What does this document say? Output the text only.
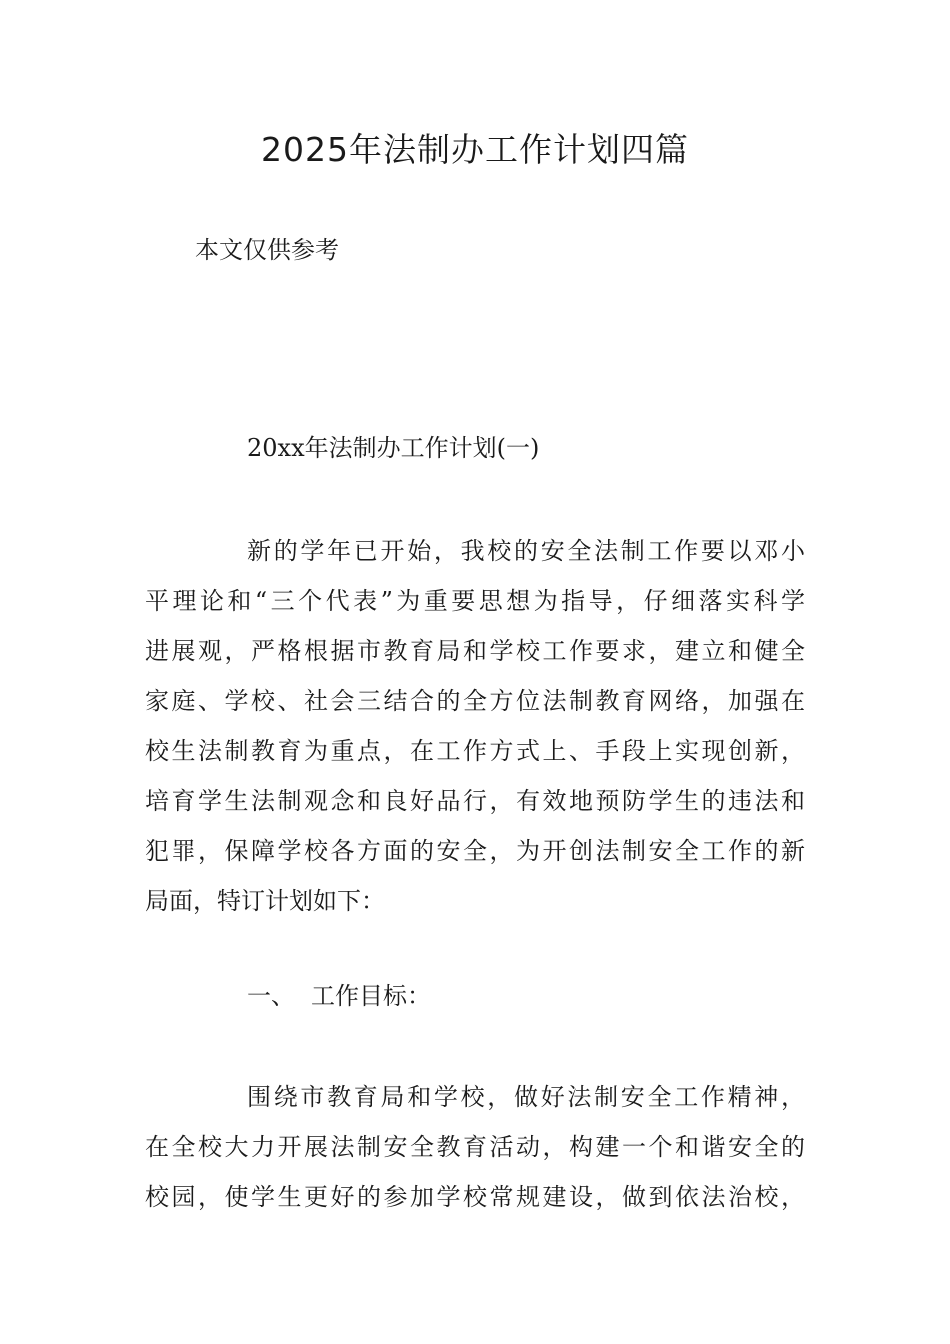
2025年法制办工作计划四篇

本文仅供参考

20xx年法制办工作计划(一)
新的学年已开始，我校的安全法制工作要以邓小
平理论和“三个代表”为重要思想为指导，仔细落实科学
进展观，严格根据市教育局和学校工作要求，建立和健全
家庭、学校、社会三结合的全方位法制教育网络，加强在
校生法制教育为重点，在工作方式上、手段上实现创新，
培育学生法制观念和良好品行，有效地预防学生的违法和
犯罪，保障学校各方面的安全，为开创法制安全工作的新
局面，特订计划如下：

一、 工作目标：

围绕市教育局和学校，做好法制安全工作精神，
在全校大力开展法制安全教育活动，构建一个和谐安全的
校园，使学生更好的参加学校常规建设，做到依法治校，
